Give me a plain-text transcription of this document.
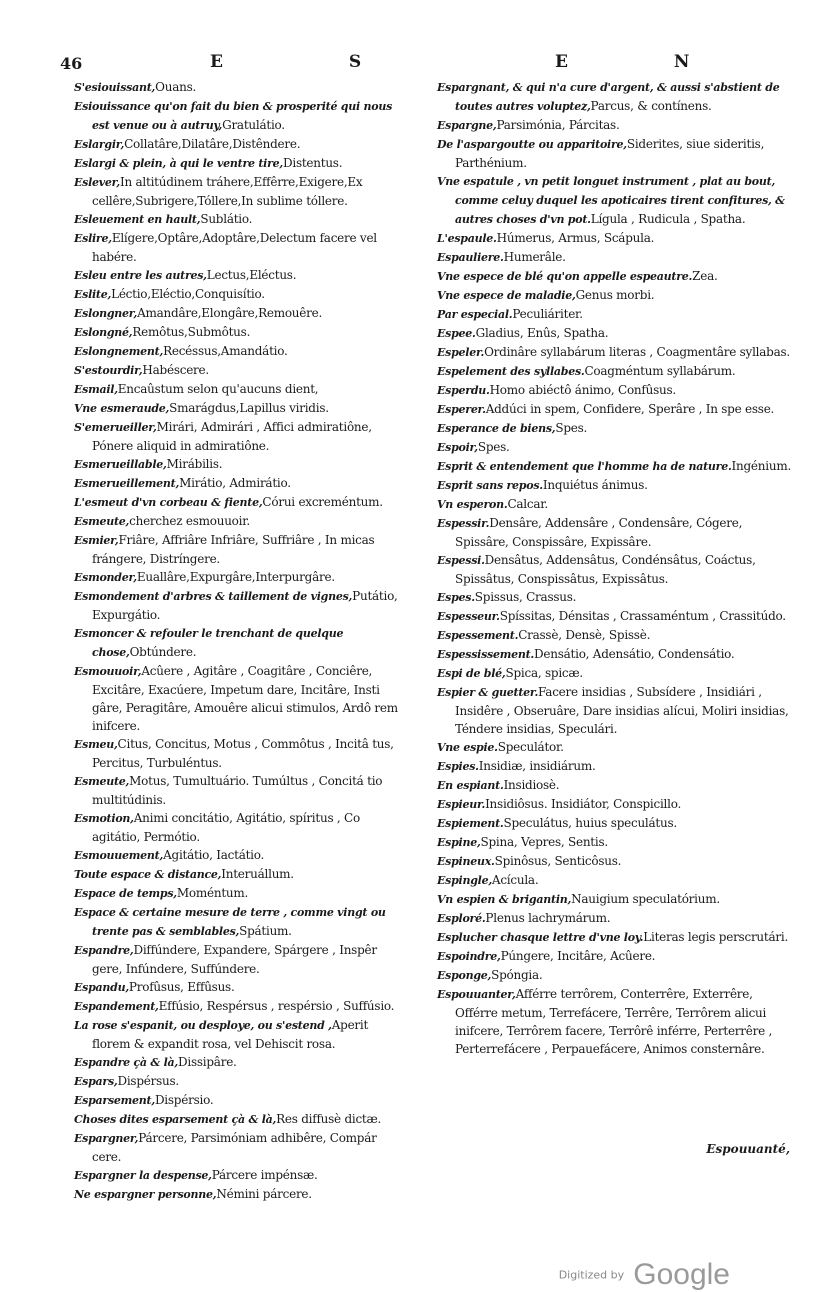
46	E S	E N
S'esiouissant,Ouans.
Esiouissance qu'on fait du bien & prosperité qui nous est venue ou à autruy,Gratulátio.
Eslargir,Collatâre,Dilatâre,Distêndere.
Eslargi & plein, à qui le ventre tire,Distentus.
Eslever,In altitúdinem tráhere,Effêrre,Exigere,Ex cellêre,Subrigere,Tóllere,In sublime tóllere.
Esleuement en hault,Sublátio.
Eslire,Elígere,Optâre,Adoptâre,Delectum facere vel habére.
Esleu entre les autres,Lectus,Eléctus.
Eslite,Léctio,Eléctio,Conquisítio.
Eslongner,Amandâre,Elongâre,Remouêre.
Eslongné,Remôtus,Submôtus.
Eslongnement,Recéssus,Amandátio.
S'estourdir,Habéscere.
Esmail,Encaûstum selon qu'aucuns dient,
Vne esmeraude,Smarágdus,Lapillus viridis.
S'emerueiller,Mirári, Admirári , Affici admiratiône, Pónere aliquid in admiratiône.
Esmerueillable,Mirábilis.
Esmerueillement,Mirátio, Admirátio.
L'esmeut d'vn corbeau & fiente,Córui excreméntum.
Esmeute,cherchez esmouuoir.
Esmier,Friâre, Affriâre Infriâre, Suffriâre , In micas frángere, Distríngere.
Esmonder,Euallâre,Expurgâre,Interpurgâre.
Esmondement d'arbres & taillement de vignes,Putátio, Expurgátio.
Esmoncer & refouler le trenchant de quelque chose,Obtúndere.
Esmouuoir,Acûere , Agitâre , Coagitâre , Conciêre, Excitâre, Exacúere, Impetum dare, Incitâre, Insti gâre, Peragitâre, Amouêre alicui stimulos, Ardô rem inifcere.
Esmeu,Citus, Concitus, Motus , Commôtus , Incitâ tus, Percitus, Turbuléntus.
Esmeute,Motus, Tumultuário. Tumúltus , Concitá tio multitúdinis.
Esmotion,Animi concitátio, Agitátio, spíritus , Co agitátio, Permótio.
Esmouuement,Agitátio, Iactátio.
Toute espace & distance,Interuállum.
Espace de temps,Moméntum.
Espace & certaine mesure de terre , comme vingt ou trente pas & semblables,Spátium.
Espandre,Diffúndere, Expandere, Spárgere , Inspêr gere, Infúndere, Suffúndere.
Espandu,Profûsus, Effûsus.
Espandement,Effúsio, Respérsus , respérsio , Suffúsio.
La rose s'espanit, ou desploye, ou s'estend ,Aperit florem & expandit rosa, vel Dehiscit rosa.
Espandre çà & là,Dissipâre.
Espars,Dispérsus.
Esparsement,Dispérsio.
Choses dites esparsement çà & là,Res diffusè dictæ.
Espargner,Párcere, Parsimóniam adhibêre, Compár cere.
Espargner la despense,Párcere impénsæ.
Ne espargner personne,Némini párcere.
Espargnant, & qui n'a cure d'argent, & aussi s'abstient de toutes autres voluptez,Parcus, & contínens.
Espargne,Parsimónia, Párcitas.
De l'aspargoutte ou apparitoire,Siderites, siue sideritis, Parthénium.
Vne espatule , vn petit longuet instrument , plat au bout, comme celuy duquel les apoticaires tirent confitures, & autres choses d'vn pot.Lígula , Rudicula , Spatha.
L'espaule.Húmerus, Armus, Scápula.
Espauliere.Humerâle.
Vne espece de blé qu'on appelle espeautre.Zea.
Vne espece de maladie,Genus morbi.
Par especial.Peculiáriter.
Espee.Gladius, Enûs, Spatha.
Espeler.Ordinâre syllabárum literas , Coagmentâre syllabas.
Espelement des syllabes.Coagméntum syllabárum.
Esperdu.Homo abiéctô ánimo, Confûsus.
Esperer.Addúci in spem, Confidere, Sperâre , In spe esse.
Esperance de biens,Spes.
Espoir,Spes.
Esprit & entendement que l'homme ha de nature.Ingénium.
Esprit sans repos.Inquiétus ánimus.
Vn esperon.Calcar.
Espessir.Densâre, Addensâre , Condensâre, Cógere, Spissâre, Conspissâre, Expissâre.
Espessi.Densâtus, Addensâtus, Condénsâtus, Coáctus, Spissâtus, Conspissâtus, Expissâtus.
Espes.Spissus, Crassus.
Espesseur.Spíssitas, Dénsitas , Crassaméntum , Crassitúdo.
Espessement.Crassè, Densè, Spissè.
Espessissement.Densátio, Adensátio, Condensátio.
Espi de blé,Spica, spicæ.
Espier & guetter.Facere insidias , Subsídere , Insidiári , Insidêre , Obseruâre, Dare insidias alícui, Moliri insidias, Téndere insidias, Speculári.
Vne espie.Speculátor.
Espies.Insidiæ, insidiárum.
En espiant.Insidiosè.
Espieur.Insidiôsus. Insidiátor, Conspicillo.
Espiement.Speculátus, huius speculátus.
Espine,Spina, Vepres, Sentis.
Espineux.Spinôsus, Senticôsus.
Espingle,Acícula.
Vn espien & brigantin,Nauigium speculatórium.
Esploré.Plenus lachrymárum.
Esplucher chasque lettre d'vne loy.Literas legis perscrutári.
Espoindre,Púngere, Incitâre, Acûere.
Esponge,Spóngia.
Espouuanter,Afférre terrôrem, Conterrêre, Exterrêre, Offérre metum, Terrefácere, Terrêre, Terrôrem alicui inifcere, Terrôrem facere, Terrôrê inférre, Perterrêre , Perterrefácere , Perpauefácere, Animos consternâre.
Espouuanté,
Digitized by Google
